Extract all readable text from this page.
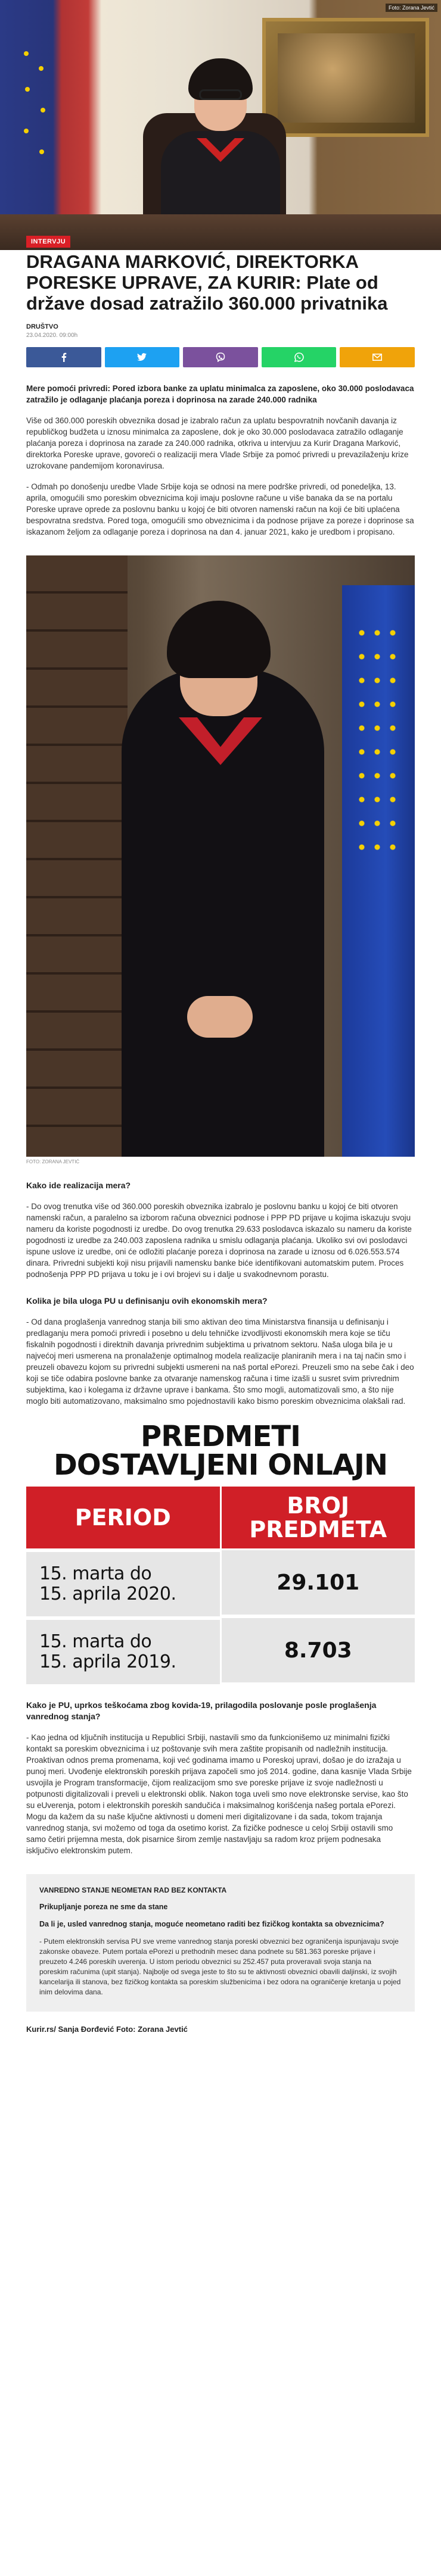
Foto: Zorana Jevtić
INTERVJU
DRAGANA MARKOVIĆ, DIREKTORKA PORESKE UPRAVE, ZA KURIR: Plate od države dosad zatražilo 360.000 privatnika
DRUŠTVO
23.04.2020. 09:00h

Mere pomoći privredi: Pored izbora banke za uplatu minimalca za zaposlene, oko 30.000 poslodavaca zatražilo je odlaganje plaćanja poreza i doprinosa na zarade 240.000 radnika

Više od 360.000 poreskih obveznika dosad je izabralo račun za uplatu bespovratnih novčanih davanja iz republičkog budžeta u iznosu minimalca za zaposlene, dok je oko 30.000 poslodavaca zatražilo odlaganje plaćanja poreza i doprinosa na zarade za 240.000 radnika, otkriva u intervjuu za Kurir Dragana Marković, direktorka Poreske uprave, govoreći o realizaciji mera Vlade Srbije za pomoć privredi u prevazilaženju krize uzrokovane pandemijom koronavirusa.

- Odmah po donošenju uredbe Vlade Srbije koja se odnosi na mere podrške privredi, od ponedeljka, 13. aprila, omogućili smo poreskim obveznicima koji imaju poslovne račune u više banaka da se na portalu Poreske uprave oprede za poslovnu banku u kojoj će biti otvoren namenski račun na koji će biti uplaćena bespovratna sredstva. Pored toga, omogućili smo obveznicima i da podnose prijave za poreze i doprinose sa iskazanom željom za odlaganje poreza i doprinosa na dan 4. januar 2021, kako je uredbom i propisano.

FOTO: ZORANA JEVTIĆ
Kako ide realizacija mera?

- Do ovog trenutka više od 360.000 poreskih obveznika izabralo je poslovnu banku u kojoj će biti otvoren namenski račun, a paralelno sa izborom računa obveznici podnose i PPP PD prijave u kojima iskazuju svoju nameru da koriste pogodnosti iz uredbe. Do ovog trenutka 29.633 poslodavca iskazalo su nameru da koriste pogodnosti iz uredbe za 240.003 zaposlena radnika u smislu odlaganja plaćanja. Ukoliko svi ovi poslodavci ispune uslove iz uredbe, oni će odložiti plaćanje poreza i doprinosa na zarade u iznosu od 6.026.553.574 dinara. Privredni subjekti koji nisu prijavili namensku banke biće identifikovani automatskim putem. Proces podnošenja PPP PD prijava u toku je i ovi brojevi su i dalje u svakodnevnom porastu.

Kolika je bila uloga PU u definisanju ovih ekonomskih mera?

- Od dana proglašenja vanrednog stanja bili smo aktivan deo tima Ministarstva finansija u definisanju i predlaganju mera pomoći privredi i posebno u delu tehničke izvodljivosti ekonomskih mera koje se tiču fiskalnih pogodnosti i direktnih davanja privrednim subjektima u privatnom sektoru. Naša uloga bila je u najvećoj meri usmerena na pronalaženje optimalnog modela realizacije planiranih mera i na taj način smo i preuzeli obavezu kojom su privredni subjekti usmereni na naš portal ePorezi. Preuzeli smo na sebe čak i deo koji se tiče odabira poslovne banke za otvaranje namenskog računa i time izašli u susret svim privrednim subjektima, kao i kolegama iz državne uprave i bankama. Što smo mogli, automatizovali smo, a što nije moglo biti automatizovano, maksimalno smo pojednostavili kako bismo poreskim obveznicima olakšali rad.

PREDMETI
DOSTAVLJENI ONLAJN
PERIOD	BROJ
PREDMETA
15. marta do
15. aprila 2020.	29.101
15. marta do
15. aprila 2019.	8.703
Kako je PU, uprkos teškoćama zbog kovida-19, prilagodila poslovanje posle proglašenja vanrednog stanja?

- Kao jedna od ključnih institucija u Republici Srbiji, nastavili smo da funkcionišemo uz minimalni fizički kontakt sa poreskim obveznicima i uz poštovanje svih mera zaštite propisanih od nadležnih institucija. Proaktivan odnos prema promenama, koji već godinama imamo u Poreskoj upravi, došao je do izražaja u punoj meri. Uvođenje elektronskih poreskih prijava započeli smo još 2014. godine, dana kasnije Vlada Srbije usvojila je Program transformacije, čijom realizacijom smo sve poreske prijave iz svoje nadležnosti u potpunosti digitalizovali i preveli u elektronski oblik. Nakon toga uveli smo nove elektronske servise, kao što su eUverenja, potom i elektronskih poreskih sandučića i maksimalnog korišćenja našeg portala ePorezi. Mogu da kažem da su naše ključne aktivnosti u domeni meri digitalizovane i da sada, tokom trajanja vanrednog stanja, svi možemo od toga da osetimo korist. Za fizičke podnesce u celoj Srbiji ostavili smo samo četiri prijemna mesta, dok pisarnice širom zemlje nastavljaju sa radom kroz prijem podnesaka isključivo elektronskim putem.

VANREDNO STANJE NEOMETAN RAD BEZ KONTAKTA
Prikupljanje poreza ne sme da stane
Da li je, usled vanrednog stanja, moguće neometano raditi bez fizičkog kontakta sa obveznicima?
- Putem elektronskih servisa PU sve vreme vanrednog stanja poreski obveznici bez ograničenja ispunjavaju svoje zakonske obaveze. Putem portala ePorezi u prethodnih mesec dana podnete su 581.363 poreske prijave i preuzeto 4.246 poreskih uverenja. U istom periodu obveznici su 252.457 puta proveravali svoja stanja na poreskim računima (upit stanja). Najbolje od svega jeste to što su te aktivnosti obveznici obavili daljinski, iz svojih kancelarija ili stanova, bez fizičkog kontakta sa poreskim službenicima i bez odora na ograničenje kretanja u pojed inim delovima dana.
Kurir.rs/ Sanja Đorđević Foto: Zorana Jevtić
